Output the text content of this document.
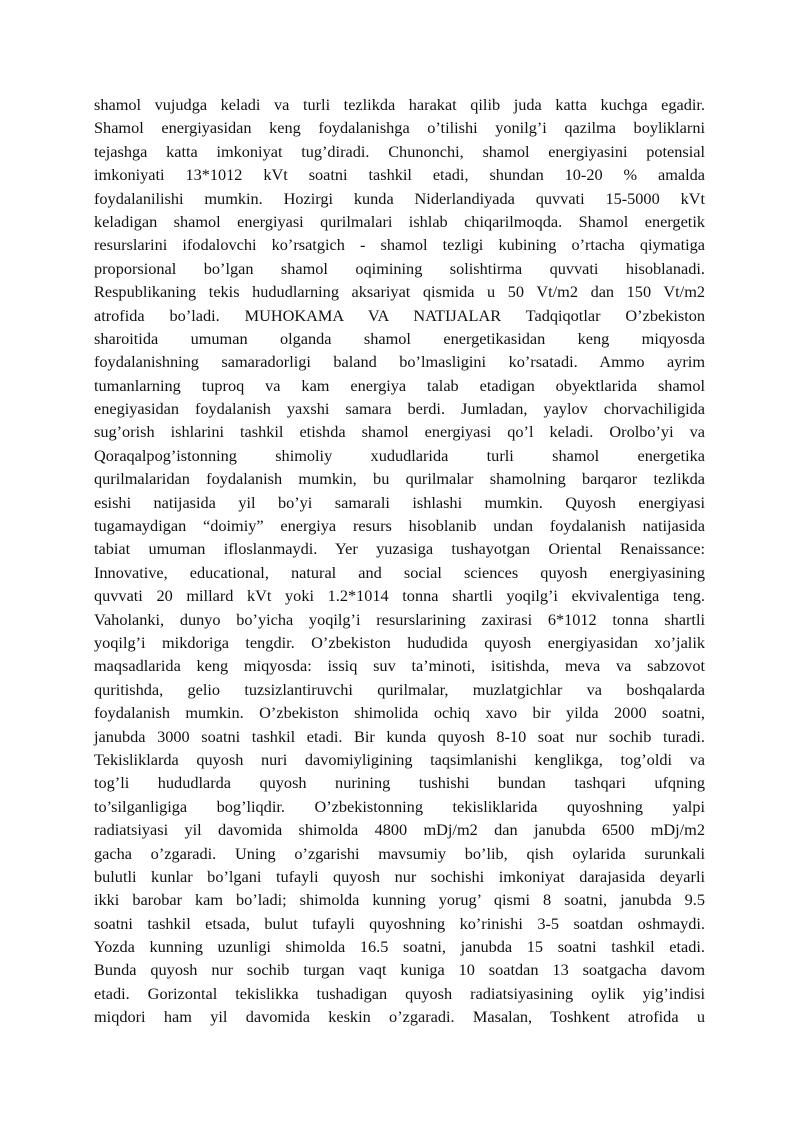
shamol vujudga keladi va turli tezlikda harakat qilib juda katta kuchga egadir.
Shamol energiyasidan keng foydalanishga o’tilishi yonilg’i qazilma boyliklarni
tejashga katta imkoniyat tug’diradi. Chunonchi, shamol energiyasini potensial
imkoniyati 13*1012 kVt soatni tashkil etadi, shundan 10-20 % amalda
foydalanilishi mumkin. Hozirgi kunda Niderlandiyada quvvati 15-5000 kVt
keladigan shamol energiyasi qurilmalari ishlab chiqarilmoqda. Shamol energetik
resurslarini ifodalovchi ko’rsatgich - shamol tezligi kubining o’rtacha qiymatiga
proporsional bo’lgan shamol oqimining solishtirma quvvati hisoblanadi.
Respublikaning tekis hududlarning aksariyat qismida u 50 Vt/m2 dan 150 Vt/m2
atrofida bo’ladi. MUHOKAMA VA NATIJALAR Tadqiqotlar O’zbekiston
sharoitida umuman olganda shamol energetikasidan keng miqyosda
foydalanishning samaradorligi baland bo’lmasligini ko’rsatadi. Ammo ayrim
tumanlarning tuproq va kam energiya talab etadigan obyektlarida shamol
enegiyasidan foydalanish yaxshi samara berdi. Jumladan, yaylov chorvachiligida
sug’orish ishlarini tashkil etishda shamol energiyasi qo’l keladi. Orolbo’yi va
Qoraqalpog’istonning shimoliy xududlarida turli shamol energetika
qurilmalaridan foydalanish mumkin, bu qurilmalar shamolning barqaror tezlikda
esishi natijasida yil bo’yi samarali ishlashi mumkin. Quyosh energiyasi
tugamaydigan “doimiy” energiya resurs hisoblanib undan foydalanish natijasida
tabiat umuman ifloslanmaydi. Yer yuzasiga tushayotgan Oriental Renaissance:
Innovative, educational, natural and social sciences quyosh energiyasining
quvvati 20 millard kVt yoki 1.2*1014 tonna shartli yoqilg’i ekvivalentiga teng.
Vaholanki, dunyo bo’yicha yoqilg’i resurslarining zaxirasi 6*1012 tonna shartli
yoqilg’i mikdoriga tengdir. O’zbekiston hududida quyosh energiyasidan xo’jalik
maqsadlarida keng miqyosda: issiq suv ta’minoti, isitishda, meva va sabzovot
quritishda, gelio tuzsizlantiruvchi qurilmalar, muzlatgichlar va boshqalarda
foydalanish mumkin. O’zbekiston shimolida ochiq xavo bir yilda 2000 soatni,
janubda 3000 soatni tashkil etadi. Bir kunda quyosh 8-10 soat nur sochib turadi.
Tekisliklarda quyosh nuri davomiyligining taqsimlanishi kenglikga, tog’oldi va
tog’li hududlarda quyosh nurining tushishi bundan tashqari ufqning
to’silganligiga bog’liqdir. O’zbekistonning tekisliklarida quyoshning yalpi
radiatsiyasi yil davomida shimolda 4800 mDj/m2 dan janubda 6500 mDj/m2
gacha o’zgaradi. Uning o’zgarishi mavsumiy bo’lib, qish oylarida surunkali
bulutli kunlar bo’lgani tufayli quyosh nur sochishi imkoniyat darajasida deyarli
ikki barobar kam bo’ladi; shimolda kunning yorug’ qismi 8 soatni, janubda 9.5
soatni tashkil etsada, bulut tufayli quyoshning ko’rinishi 3-5 soatdan oshmaydi.
Yozda kunning uzunligi shimolda 16.5 soatni, janubda 15 soatni tashkil etadi.
Bunda quyosh nur sochib turgan vaqt kuniga 10 soatdan 13 soatgacha davom
etadi. Gorizontal tekislikka tushadigan quyosh radiatsiyasining oylik yig’indisi
miqdori ham yil davomida keskin o’zgaradi. Masalan, Toshkent atrofida u
